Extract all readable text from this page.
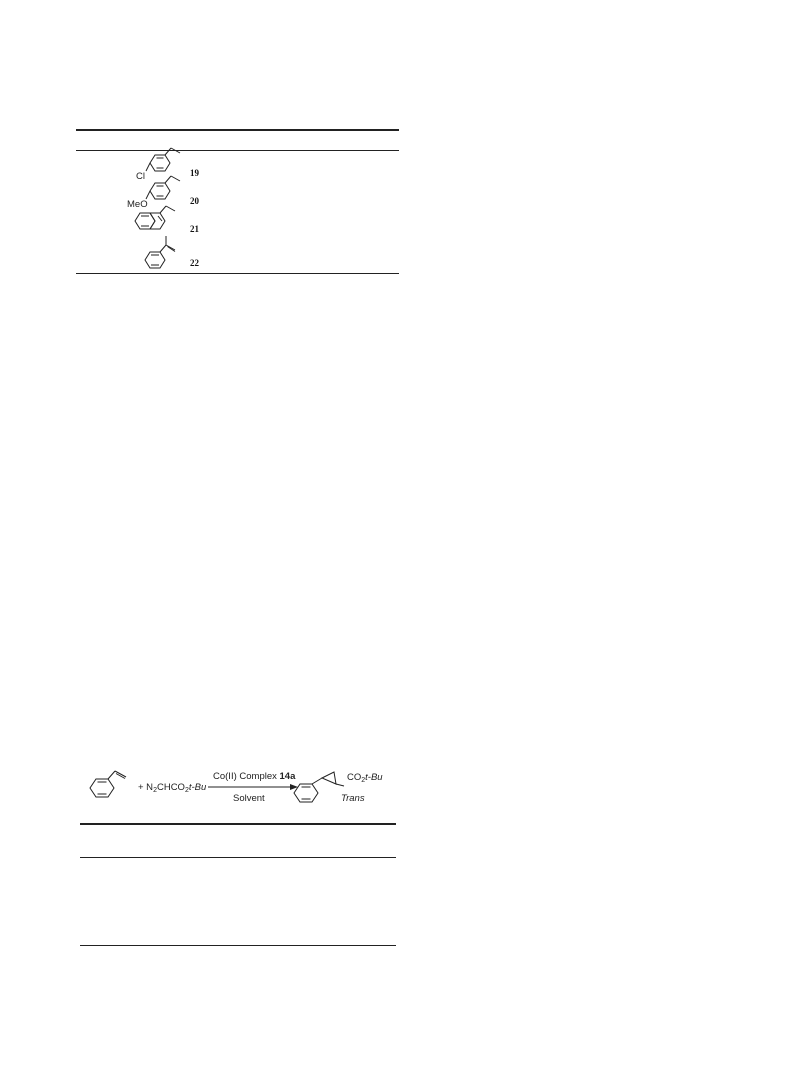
Cl	19
MeO	20
21
22
+ $N_2CHCO_2t-Bu$
Co(II) Complex 14a
Solvent
$CO_2t-Bu$
Trans
